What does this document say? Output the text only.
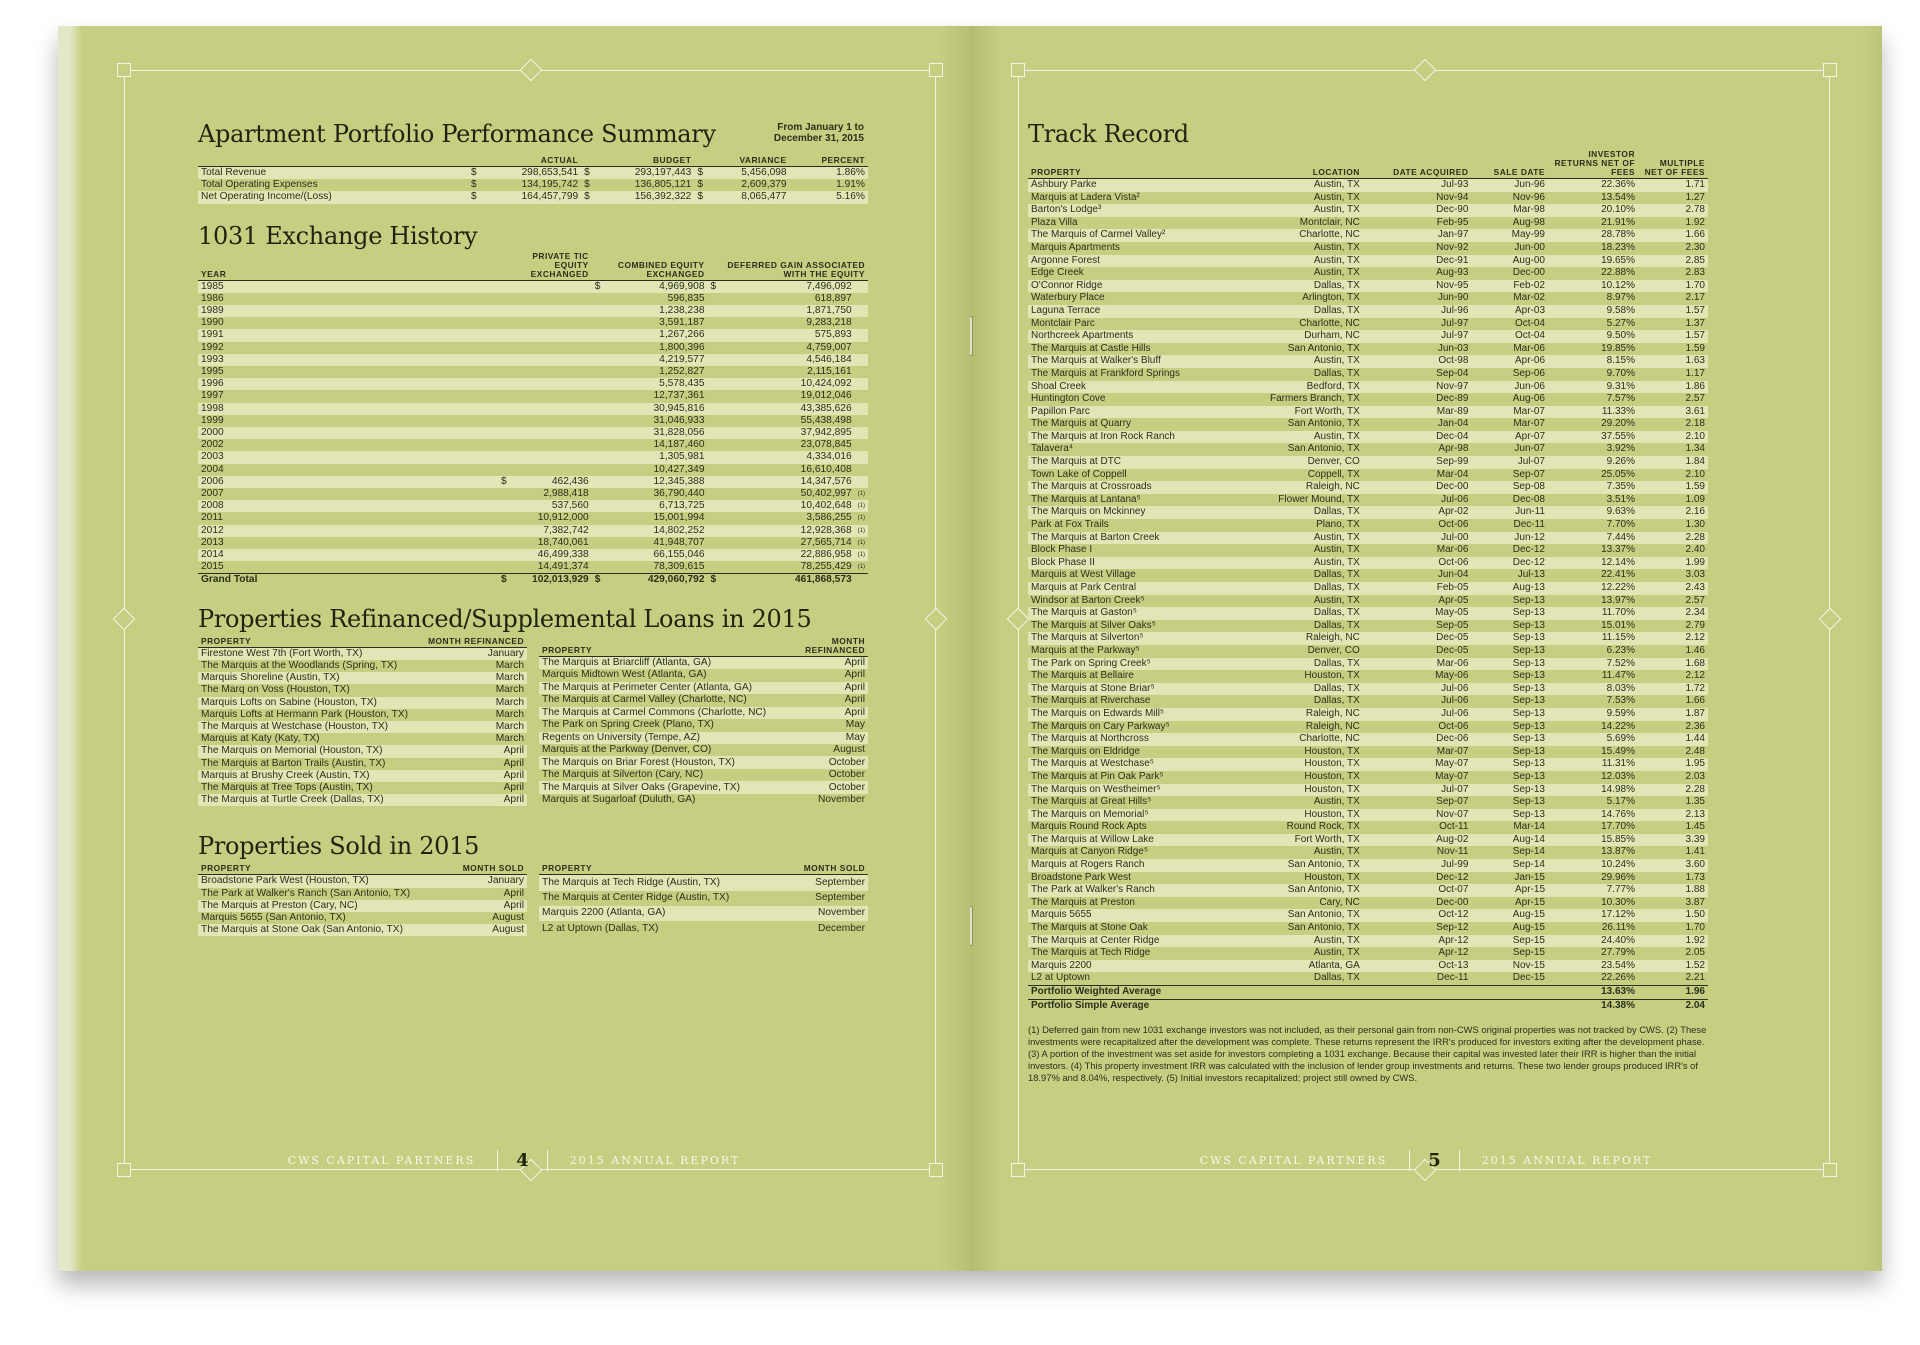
Apartment Portfolio Performance Summary	From January 1 to
December 31, 2015
	ACTUAL		BUDGET		VARIANCE		PERCENT
Total Revenue	$	298,653,541	$	293,197,443	$	5,456,098	1.86%
Total Operating Expenses	$	134,195,742	$	136,805,121	$	2,609,379	1.91%
Net Operating Income/(Loss)	$	164,457,799	$	156,392,322	$	8,065,477	5.16%
1031 Exchange History
YEAR	PRIVATE TIC EQUITY EXCHANGED		COMBINED EQUITY EXCHANGED		DEFERRED GAIN ASSOCIATED WITH THE EQUITY		
1985			$	4,969,908	$	7,496,092	
1986				596,835		618,897	
1989				1,238,238		1,871,750	
1990				3,591,187		9,283,218	
1991				1,267,266		575,893	
1992				1,800,396		4,759,007	
1993				4,219,577		4,546,184	
1995				1,252,827		2,115,161	
1996				5,578,435		10,424,092	
1997				12,737,361		19,012,046	
1998				30,945,816		43,385,626	
1999				31,046,933		55,438,498	
2000				31,828,056		37,942,895	
2002				14,187,460		23,078,845	
2003				1,305,981		4,334,016	
2004				10,427,349		16,610,408	
2006	$	462,436		12,345,388		14,347,576	
2007		2,988,418		36,790,440		50,402,997	(1)
2008		537,560		6,713,725		10,402,648	(1)
2011		10,912,000		15,001,994		3,586,255	(1)
2012		7,382,742		14,802,252		12,928,368	(1)
2013		18,740,061		41,948,707		27,565,714	(1)
2014		46,499,338		66,155,046		22,886,958	(1)
2015		14,491,374		78,309,615		78,255,429	(1)
Grand Total	$	102,013,929	$	429,060,792	$	461,868,573	
Properties Refinanced/Supplemental Loans in 2015
PROPERTY	MONTH REFINANCED
Firestone West 7th (Fort Worth, TX)	January
The Marquis at the Woodlands (Spring, TX)	March
Marquis Shoreline (Austin, TX)	March
The Marq on Voss (Houston, TX)	March
Marquis Lofts on Sabine (Houston, TX)	March
Marquis Lofts at Hermann Park (Houston, TX)	March
The Marquis at Westchase (Houston, TX)	March
Marquis at Katy (Katy, TX)	March
The Marquis on Memorial (Houston, TX)	April
The Marquis at Barton Trails (Austin, TX)	April
Marquis at Brushy Creek (Austin, TX)	April
The Marquis at Tree Tops (Austin, TX)	April
The Marquis at Turtle Creek (Dallas, TX)	April
PROPERTY	MONTH REFINANCED
The Marquis at Briarcliff (Atlanta, GA)	April
Marquis Midtown West (Atlanta, GA)	April
The Marquis at Perimeter Center (Atlanta, GA)	April
The Marquis at Carmel Valley (Charlotte, NC)	April
The Marquis at Carmel Commons (Charlotte, NC)	April
The Park on Spring Creek (Plano, TX)	May
Regents on University (Tempe, AZ)	May
Marquis at the Parkway (Denver, CO)	August
The Marquis on Briar Forest (Houston, TX)	October
The Marquis at Silverton (Cary, NC)	October
The Marquis at Silver Oaks (Grapevine, TX)	October
Marquis at Sugarloaf (Duluth, GA)	November
Properties Sold in 2015
PROPERTY	MONTH SOLD
Broadstone Park West (Houston, TX)	January
The Park at Walker's Ranch (San Antonio, TX)	April
The Marquis at Preston (Cary, NC)	April
Marquis 5655 (San Antonio, TX)	August
The Marquis at Stone Oak (San Antonio, TX)	August
PROPERTY	MONTH SOLD
The Marquis at Tech Ridge (Austin, TX)	September
The Marquis at Center Ridge (Austin, TX)	September
Marquis 2200 (Atlanta, GA)	November
L2 at Uptown (Dallas, TX)	December
CWS CAPITAL PARTNERS	4	2015 ANNUAL REPORT
Track Record
PROPERTY	LOCATION	DATE ACQUIRED	SALE DATE	INVESTOR RETURNS NET OF FEES	MULTIPLE NET OF FEES
Ashbury Parke	Austin, TX	Jul-93	Jun-96	22.36%	1.71
Marquis at Ladera Vista²	Austin, TX	Nov-94	Nov-96	13.54%	1.27
Barton's Lodge³	Austin, TX	Dec-90	Mar-98	20.10%	2.78
Plaza Villa	Montclair, NC	Feb-95	Aug-98	21.91%	1.92
The Marquis of Carmel Valley²	Charlotte, NC	Jan-97	May-99	28.78%	1.66
Marquis Apartments	Austin, TX	Nov-92	Jun-00	18.23%	2.30
Argonne Forest	Austin, TX	Dec-91	Aug-00	19.65%	2.85
Edge Creek	Austin, TX	Aug-93	Dec-00	22.88%	2.83
O'Connor Ridge	Dallas, TX	Nov-95	Feb-02	10.12%	1.70
Waterbury Place	Arlington, TX	Jun-90	Mar-02	8.97%	2.17
Laguna Terrace	Dallas, TX	Jul-96	Apr-03	9.58%	1.57
Montclair Parc	Charlotte, NC	Jul-97	Oct-04	5.27%	1.37
Northcreek Apartments	Durham, NC	Jul-97	Oct-04	9.50%	1.57
The Marquis at Castle Hills	San Antonio, TX	Jun-03	Mar-06	19.85%	1.59
The Marquis at Walker's Bluff	Austin, TX	Oct-98	Apr-06	8.15%	1.63
The Marquis at Frankford Springs	Dallas, TX	Sep-04	Sep-06	9.70%	1.17
Shoal Creek	Bedford, TX	Nov-97	Jun-06	9.31%	1.86
Huntington Cove	Farmers Branch, TX	Dec-89	Aug-06	7.57%	2.57
Papillon Parc	Fort Worth, TX	Mar-89	Mar-07	11.33%	3.61
The Marquis at Quarry	San Antonio, TX	Jan-04	Mar-07	29.20%	2.18
The Marquis at Iron Rock Ranch	Austin, TX	Dec-04	Apr-07	37.55%	2.10
Talavera⁴	San Antonio, TX	Apr-98	Jun-07	3.92%	1.34
The Marquis at DTC	Denver, CO	Sep-99	Jul-07	9.26%	1.84
Town Lake of Coppell	Coppell, TX	Mar-04	Sep-07	25.05%	2.10
The Marquis at Crossroads	Raleigh, NC	Dec-00	Sep-08	7.35%	1.59
The Marquis at Lantana⁵	Flower Mound, TX	Jul-06	Dec-08	3.51%	1.09
The Marquis on Mckinney	Dallas, TX	Apr-02	Jun-11	9.63%	2.16
Park at Fox Trails	Plano, TX	Oct-06	Dec-11	7.70%	1.30
The Marquis at Barton Creek	Austin, TX	Jul-00	Jun-12	7.44%	2.28
Block Phase I	Austin, TX	Mar-06	Dec-12	13.37%	2.40
Block Phase II	Austin, TX	Oct-06	Dec-12	12.14%	1.99
Marquis at West Village	Dallas, TX	Jun-04	Jul-13	22.41%	3.03
Marquis at Park Central	Dallas, TX	Feb-05	Aug-13	12.22%	2.43
Windsor at Barton Creek⁵	Austin, TX	Apr-05	Sep-13	13.97%	2.57
The Marquis at Gaston⁵	Dallas, TX	May-05	Sep-13	11.70%	2.34
The Marquis at Silver Oaks⁵	Dallas, TX	Sep-05	Sep-13	15.01%	2.79
The Marquis at Silverton⁵	Raleigh, NC	Dec-05	Sep-13	11.15%	2.12
Marquis at the Parkway⁵	Denver, CO	Dec-05	Sep-13	6.23%	1.46
The Park on Spring Creek⁵	Dallas, TX	Mar-06	Sep-13	7.52%	1.68
The Marquis at Bellaire	Houston, TX	May-06	Sep-13	11.47%	2.12
The Marquis at Stone Briar⁵	Dallas, TX	Jul-06	Sep-13	8.03%	1.72
The Marquis at Riverchase	Dallas, TX	Jul-06	Sep-13	7.53%	1.66
The Marquis on Edwards Mill⁵	Raleigh, NC	Jul-06	Sep-13	9.59%	1.87
The Marquis on Cary Parkway⁵	Raleigh, NC	Oct-06	Sep-13	14.22%	2.36
The Marquis at Northcross	Charlotte, NC	Dec-06	Sep-13	5.69%	1.44
The Marquis on Eldridge	Houston, TX	Mar-07	Sep-13	15.49%	2.48
The Marquis at Westchase⁵	Houston, TX	May-07	Sep-13	11.31%	1.95
The Marquis at Pin Oak Park⁵	Houston, TX	May-07	Sep-13	12.03%	2.03
The Marquis on Westheimer⁵	Houston, TX	Jul-07	Sep-13	14.98%	2.28
The Marquis at Great Hills⁵	Austin, TX	Sep-07	Sep-13	5.17%	1.35
The Marquis on Memorial⁵	Houston, TX	Nov-07	Sep-13	14.76%	2.13
Marquis Round Rock Apts	Round Rock, TX	Oct-11	Mar-14	17.70%	1.45
The Marquis at Willow Lake	Fort Worth, TX	Aug-02	Aug-14	15.85%	3.39
Marquis at Canyon Ridge⁵	Austin, TX	Nov-11	Sep-14	13.87%	1.41
Marquis at Rogers Ranch	San Antonio, TX	Jul-99	Sep-14	10.24%	3.60
Broadstone Park West	Houston, TX	Dec-12	Jan-15	29.96%	1.73
The Park at Walker's Ranch	San Antonio, TX	Oct-07	Apr-15	7.77%	1.88
The Marquis at Preston	Cary, NC	Dec-00	Apr-15	10.30%	3.87
Marquis 5655	San Antonio, TX	Oct-12	Aug-15	17.12%	1.50
The Marquis at Stone Oak	San Antonio, TX	Sep-12	Aug-15	26.11%	1.70
The Marquis at Center Ridge	Austin, TX	Apr-12	Sep-15	24.40%	1.92
The Marquis at Tech Ridge	Austin, TX	Apr-12	Sep-15	27.79%	2.05
Marquis 2200	Atlanta, GA	Oct-13	Nov-15	23.54%	1.52
L2 at Uptown	Dallas, TX	Dec-11	Dec-15	22.26%	2.21
Portfolio Weighted Average				13.63%	1.96
Portfolio Simple Average				14.38%	2.04
(1) Deferred gain from new 1031 exchange investors was not included, as their personal gain from non-CWS original properties was not tracked by CWS. (2) These investments were recapitalized after the development was complete. These returns represent the IRR's produced for investors exiting after the development phase. (3) A portion of the investment was set aside for investors completing a 1031 exchange. Because their capital was invested later their IRR is higher than the initial investors. (4) This property investment IRR was calculated with the inclusion of lender group investments and returns. These two lender groups produced IRR's of 18.97% and 8.04%, respectively. (5) Initial investors recapitalized; project still owned by CWS.
CWS CAPITAL PARTNERS	5	2015 ANNUAL REPORT
